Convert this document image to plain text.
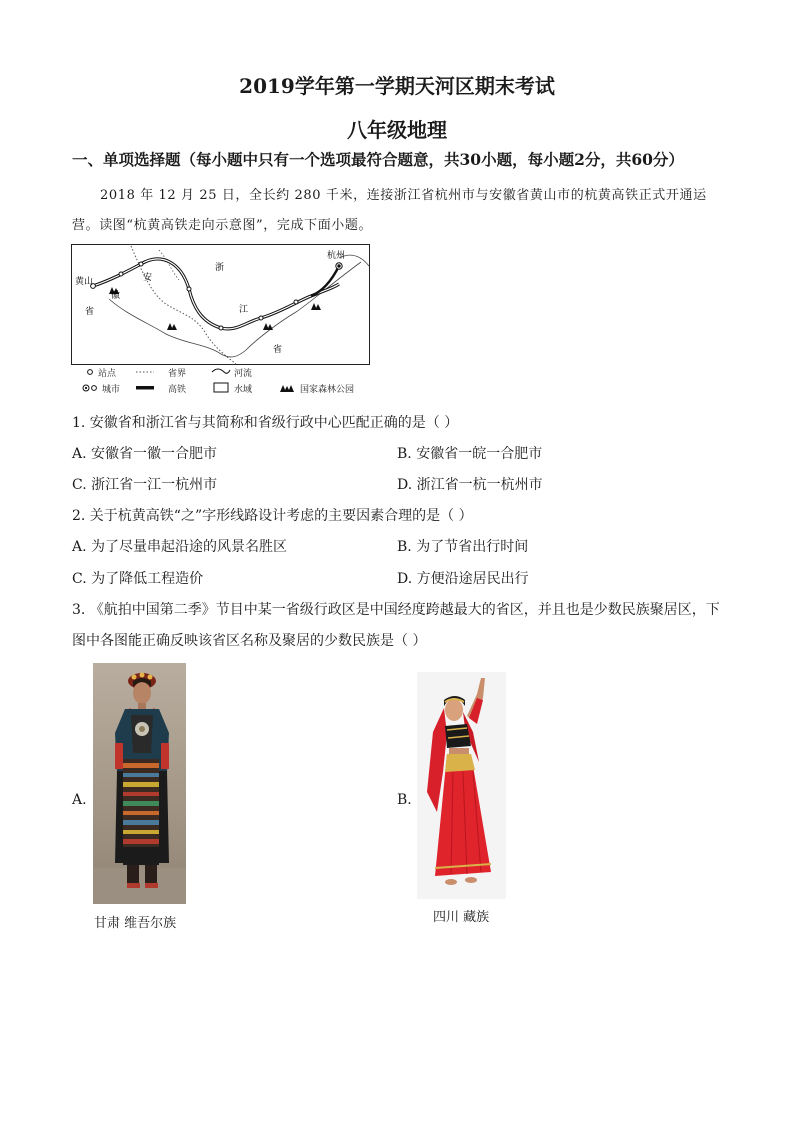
2019学年第一学期天河区期末考试
八年级地理
一、单项选择题（每小题中只有一个选项最符合题意，共30小题，每小题2分，共60分）
2018 年 12 月 25 日，全长约 280 千米，连接浙江省杭州市与安徽省黄山市的杭黄高铁正式开通运
营。读图“杭黄高铁走向示意图”，完成下面小题。
黄山
杭州
安
徽
省
浙
江
省
站点	省界	河流
城市	高铁	水域	国家森林公园
1. 安徽省和浙江省与其简称和省级行政中心匹配正确的是（ ）
A. 安徽省一徽一合肥市	B. 安徽省一皖一合肥市
C. 浙江省一江一杭州市	D. 浙江省一杭一杭州市
2. 关于杭黄高铁“之”字形线路设计考虑的主要因素合理的是（ ）
A. 为了尽量串起沿途的风景名胜区	B. 为了节省出行时间
C. 为了降低工程造价	D. 方便沿途居民出行
3. 《航拍中国第二季》节目中某一省级行政区是中国经度跨越最大的省区，并且也是少数民族聚居区，下
图中各图能正确反映该省区名称及聚居的少数民族是（ ）
A.
甘肃 维吾尔族
B.
四川 藏族
